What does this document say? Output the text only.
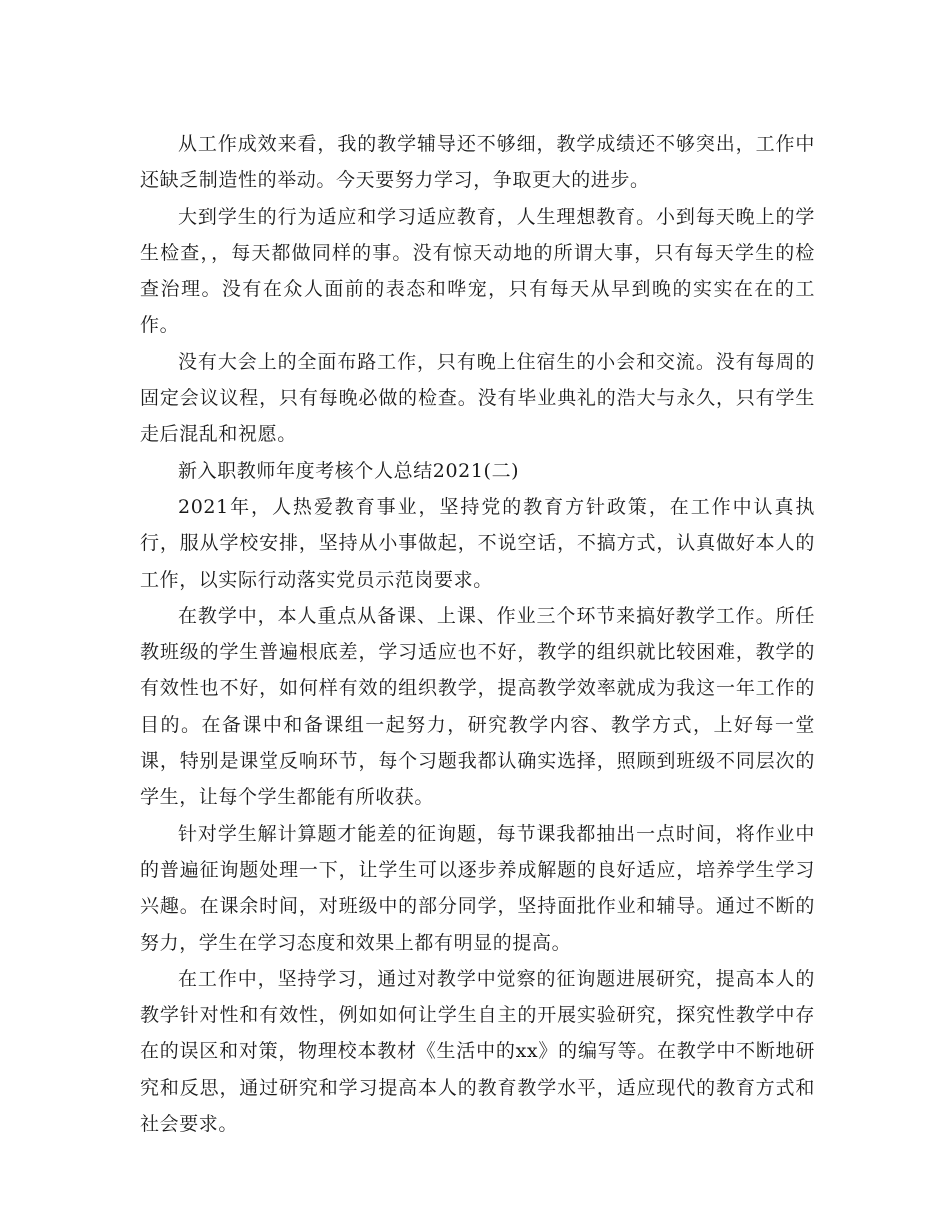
从工作成效来看，我的教学辅导还不够细，教学成绩还不够突出，工作中还缺乏制造性的举动。今天要努力学习，争取更大的进步。

大到学生的行为适应和学习适应教育，人生理想教育。小到每天晚上的学生检查，，每天都做同样的事。没有惊天动地的所谓大事，只有每天学生的检查治理。没有在众人面前的表态和哗宠，只有每天从早到晚的实实在在的工作。

没有大会上的全面布路工作，只有晚上住宿生的小会和交流。没有每周的固定会议议程，只有每晚必做的检查。没有毕业典礼的浩大与永久，只有学生走后混乱和祝愿。

新入职教师年度考核个人总结2021(二)

2021年，人热爱教育事业，坚持党的教育方针政策，在工作中认真执行，服从学校安排，坚持从小事做起，不说空话，不搞方式，认真做好本人的工作，以实际行动落实党员示范岗要求。

在教学中，本人重点从备课、上课、作业三个环节来搞好教学工作。所任教班级的学生普遍根底差，学习适应也不好，教学的组织就比较困难，教学的有效性也不好，如何样有效的组织教学，提高教学效率就成为我这一年工作的目的。在备课中和备课组一起努力，研究教学内容、教学方式，上好每一堂课，特别是课堂反响环节，每个习题我都认确实选择，照顾到班级不同层次的学生，让每个学生都能有所收获。

针对学生解计算题才能差的征询题，每节课我都抽出一点时间，将作业中的普遍征询题处理一下，让学生可以逐步养成解题的良好适应，培养学生学习兴趣。在课余时间，对班级中的部分同学，坚持面批作业和辅导。通过不断的努力，学生在学习态度和效果上都有明显的提高。

在工作中，坚持学习，通过对教学中觉察的征询题进展研究，提高本人的教学针对性和有效性，例如如何让学生自主的开展实验研究，探究性教学中存在的误区和对策，物理校本教材《生活中的xx》的编写等。在教学中不断地研究和反思，通过研究和学习提高本人的教育教学水平，适应现代的教育方式和社会要求。
